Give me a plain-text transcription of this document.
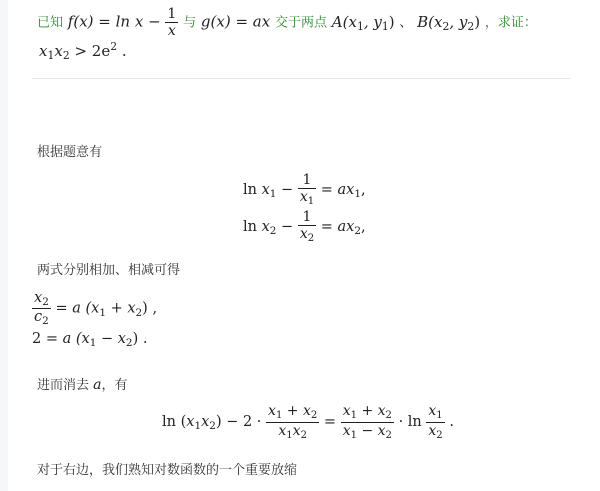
已知 $f(x) = \ln x - \frac{1}{x}$ 与 g(x) = ax 交于两点 $A(x_1$, $y_1$) 、 $B(x_2$, $y_2$) ，求证：
$x_1x_2 > 2e^2$ .
根据题意有
$\ln x_1 - \frac{1}{x_1} = ax_1$,
$\ln x_2 - \frac{1}{x_2} = ax_2$,
两式分别相加、相减可得
$\frac{x_2}{c_2} = a$ $(x_1 + x_2)$ ,
2 = a $(x_1 - x_2)$ .
进而消去 a，有
$\ln (x_1x_2) - 2 \cdot \frac{x_1 + x_2}{x_1x_2} = \frac{x_1 + x_2}{x_1 - x_2} \cdot \ln \frac{x_1}{x_2}$ .
对于右边，我们熟知对数函数的一个重要放缩
